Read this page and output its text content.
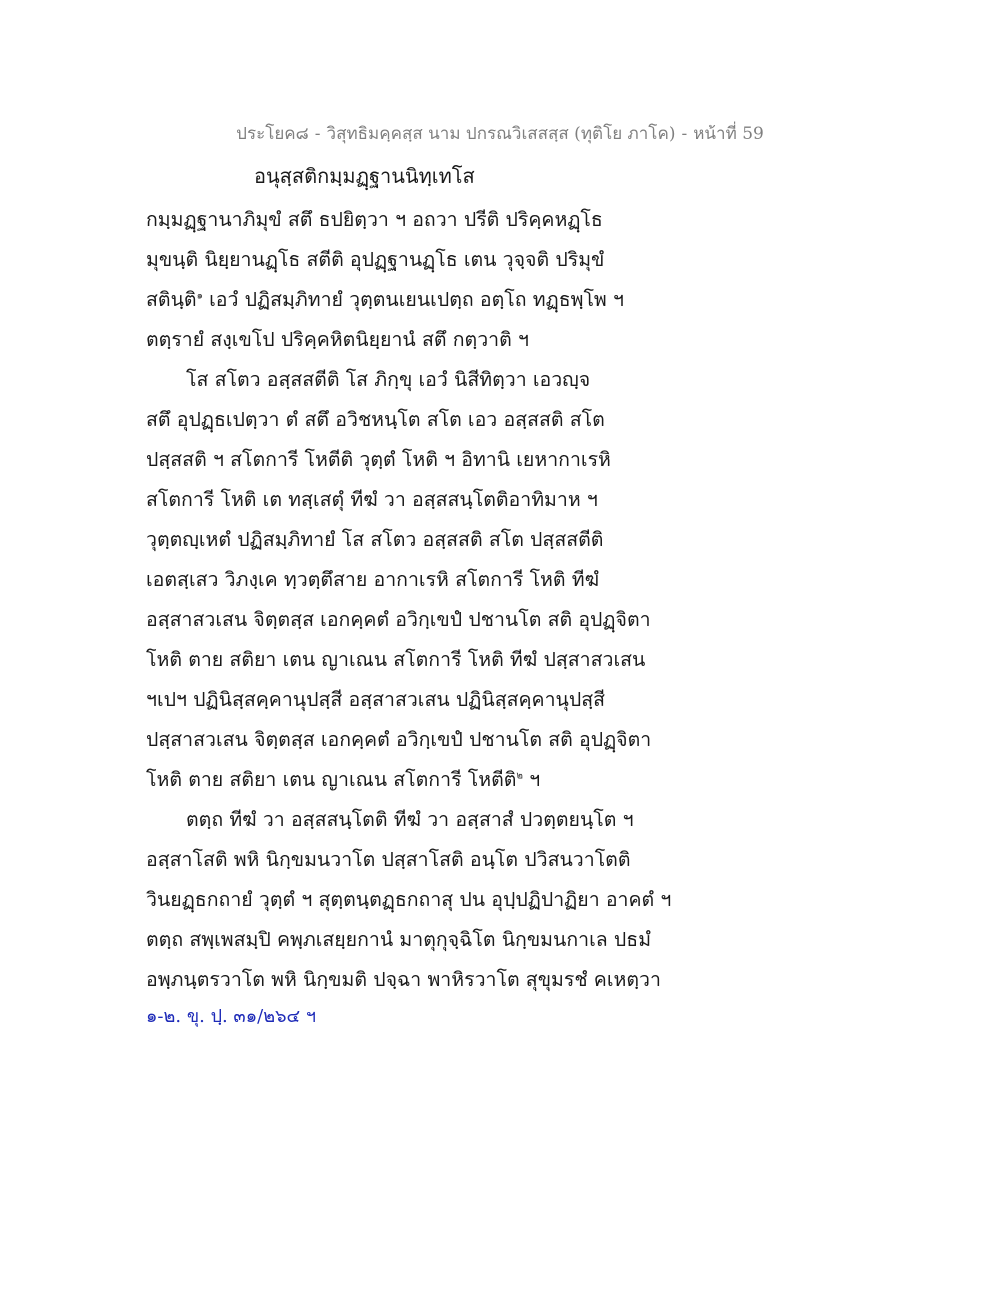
ประโยค๘ - วิสุทธิมคฺคสฺส นาม ปกรณวิเสสสฺส (ทุติโย ภาโค) - หน้าที่ 59
อนุสฺสติกมฺมฏฺฐานนิทฺเทโส
กมฺมฏฺฐานาภิมุขํ สตึ ธปยิตฺวา ฯ อถวา ปรีติ ปริคฺคหฏฺโธ
มุขนฺติ นิยฺยานฏฺโธ สตีติ อุปฏฺฐานฏฺโธ เตน วุจฺจติ ปริมุขํ
สตินฺติ$^๑$ เอวํ ปฏิสมฺภิทายํ วุตฺตนเยนเปตฺถ อตฺโถ ทฏฺธพฺโพ ฯ
ตตฺรายํ สงฺเขโป ปริคฺคหิตนิยฺยานํ สตึ กตฺวาติ ฯ
โส สโตว อสฺสสตีติ โส ภิกฺขุ เอวํ นิสีทิตฺวา เอวญฺจ
สตึ อุปฏฺธเปตฺวา ตํ สตึ อวิชหนฺโต สโต เอว อสฺสสติ สโต
ปสฺสสติ ฯ สโตการี โหตีติ วุตฺตํ โหติ ฯ อิทานิ เยหากาเรหิ
สโตการี โหติ เต ทสฺเสตุํ ทีฆํ วา อสฺสสนฺโตติอาทิมาห ฯ
วุตฺตญฺเหตํ ปฏิสมฺภิทายํ โส สโตว อสฺสสติ สโต ปสฺสสตีติ
เอตสฺเสว วิภงฺเค ทฺวตฺตึสาย อากาเรหิ สโตการี โหติ ทีฆํ
อสฺสาสวเสน จิตฺตสฺส เอกคฺคตํ อวิกฺเขปํ ปชานโต สติ อุปฏฺจิตา
โหติ ตาย สติยา เตน ญาเณน สโตการี โหติ ทีฆํ ปสฺสาสวเสน
ฯเปฯ ปฏินิสฺสคฺคานุปสฺสี อสฺสาสวเสน ปฏินิสฺสคฺคานุปสฺสี
ปสฺสาสวเสน จิตฺตสฺส เอกคฺคตํ อวิกฺเขปํ ปชานโต สติ อุปฏฺจิตา
โหติ ตาย สติยา เตน ญาเณน สโตการี โหตีติ$^๒$ ฯ
ตตฺถ ทีฆํ วา อสฺสสนฺโตติ ทีฆํ วา อสฺสาสํ ปวตฺตยนฺโต ฯ
อสฺสาโสติ พหิ นิกฺขมนวาโต ปสฺสาโสติ อนฺโต ปวิสนวาโตติ
วินยฏฺธกถายํ วุตฺตํ ฯ สุตฺตนฺตฏฺธกถาสุ ปน อุปฺปฏิปาฏิยา อาคตํ ฯ
ตตฺถ สพฺเพสมฺปิ คพฺภเสยฺยกานํ มาตุกุจฺฉิโต นิกฺขมนกาเล ปธมํ
อพฺภนฺตรวาโต พหิ นิกฺขมติ ปจฺฉา พาหิรวาโต สุขุมรชํ คเหตฺวา
๑-๒. ขุ. ปฺ. ๓๑/๒๖๔ ฯ
